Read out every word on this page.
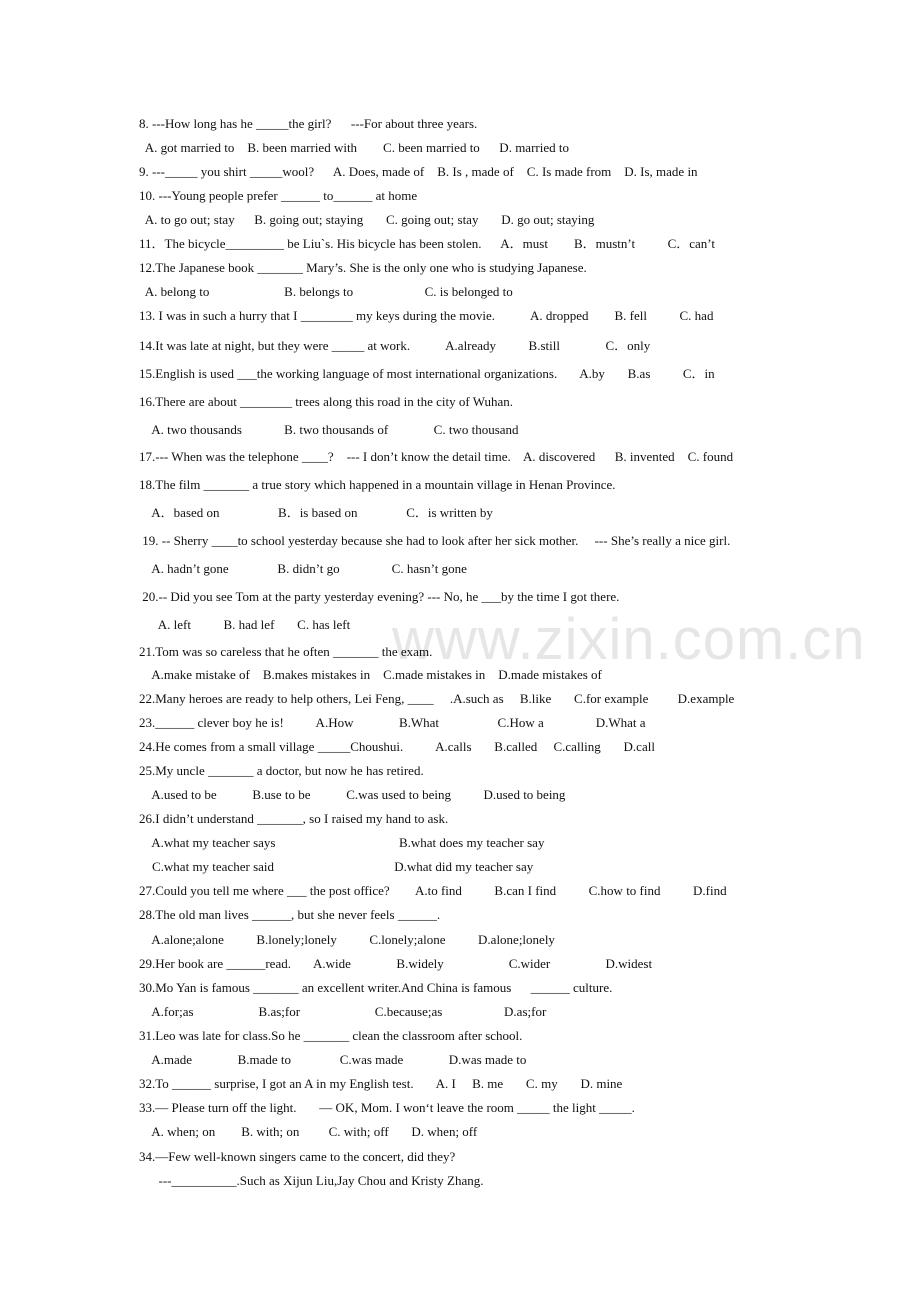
www.zixin.com.cn
8. ---How long has he _____the girl?      ---For about three years.
A. got married to    B. been married with        C. been married to      D. married to
9. ---_____ you shirt _____wool?      A. Does, made of    B. Is , made of    C. Is made from    D. Is, made in
10. ---Young people prefer ______ to______ at home
A. to go out; stay      B. going out; staying       C. going out; stay       D. go out; staying
11．The bicycle_________ be Liu`s. His bicycle has been stolen.      A．must        B．mustn’t          C．can’t
12.The Japanese book _______ Mary’s. She is the only one who is studying Japanese.
A. belong to                       B. belongs to                      C. is belonged to
13. I was in such a hurry that I ________ my keys during the movie.           A. dropped        B. fell          C. had
14.It was late at night, but they were _____ at work.           A.already          B.still              C．only
15.English is used ___the working language of most international organizations.       A.by       B.as          C．in
16.There are about ________ trees along this road in the city of Wuhan.
A. two thousands             B. two thousands of              C. two thousand
17.--- When was the telephone ____?    --- I don’t know the detail time.    A. discovered      B. invented    C. found
18.The film _______ a true story which happened in a mountain village in Henan Province.
A．based on                  B．is based on               C．is written by
19. -- Sherry ____to school yesterday because she had to look after her sick mother.     --- She’s really a nice girl.
A. hadn’t gone               B. didn’t go                C. hasn’t gone
20.-- Did you see Tom at the party yesterday evening? --- No, he ___by the time I got there.
A. left          B. had lef       C. has left
21.Tom was so careless that he often _______ the exam.
A.make mistake of    B.makes mistakes in    C.made mistakes in    D.made mistakes of
22.Many heroes are ready to help others, Lei Feng, ____     .A.such as     B.like       C.for example         D.example
23.______ clever boy he is!          A.How              B.What                  C.How a                D.What a
24.He comes from a small village _____Choushui.          A.calls       B.called     C.calling       D.call
25.My uncle _______ a doctor, but now he has retired.
A.used to be           B.use to be           C.was used to being          D.used to being
26.I didn’t understand _______, so I raised my hand to ask.
A.what my teacher says                                      B.what does my teacher say
C.what my teacher said                                     D.what did my teacher say
27.Could you tell me where ___ the post office?        A.to find          B.can I find          C.how to find          D.find
28.The old man lives ______, but she never feels ______.
A.alone;alone          B.lonely;lonely          C.lonely;alone          D.alone;lonely
29.Her book are ______read.       A.wide              B.widely                    C.wider                 D.widest
30.Mo Yan is famous _______ an excellent writer.And China is famous      ______ culture.
A.for;as                    B.as;for                       C.because;as                   D.as;for
31.Leo was late for class.So he _______ clean the classroom after school.
A.made              B.made to               C.was made              D.was made to
32.To ______ surprise, I got an A in my English test.       A. I     B. me       C. my       D. mine
33.— Please turn off the light.       — OK, Mom. I won‘t leave the room _____ the light _____.
A. when; on        B. with; on         C. with; off       D. when; off
34.—Few well-known singers came to the concert, did they?
---__________.Such as Xijun Liu,Jay Chou and Kristy Zhang.
